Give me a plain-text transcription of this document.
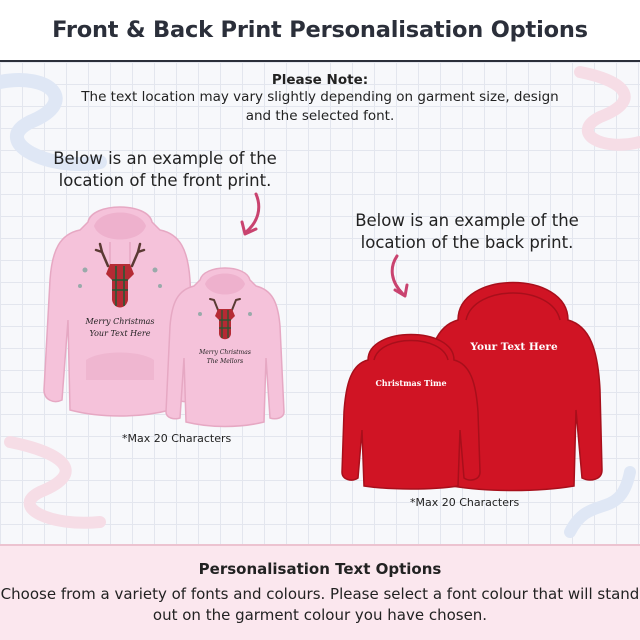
Front & Back Print Personalisation Options
Please Note:
The text location may vary slightly depending on garment size, design and the selected font.
Below is an example of the location of the front print.
Below is an example of the location of the back print.
Merry Christmas
Your Text Here
Merry Christmas
The Mellors
*Max 20 Characters
Your Text Here
Christmas Time
*Max 20 Characters
Personalisation Text Options
Choose from a variety of fonts and colours. Please select a font colour that will stand out on the garment colour you have chosen.
